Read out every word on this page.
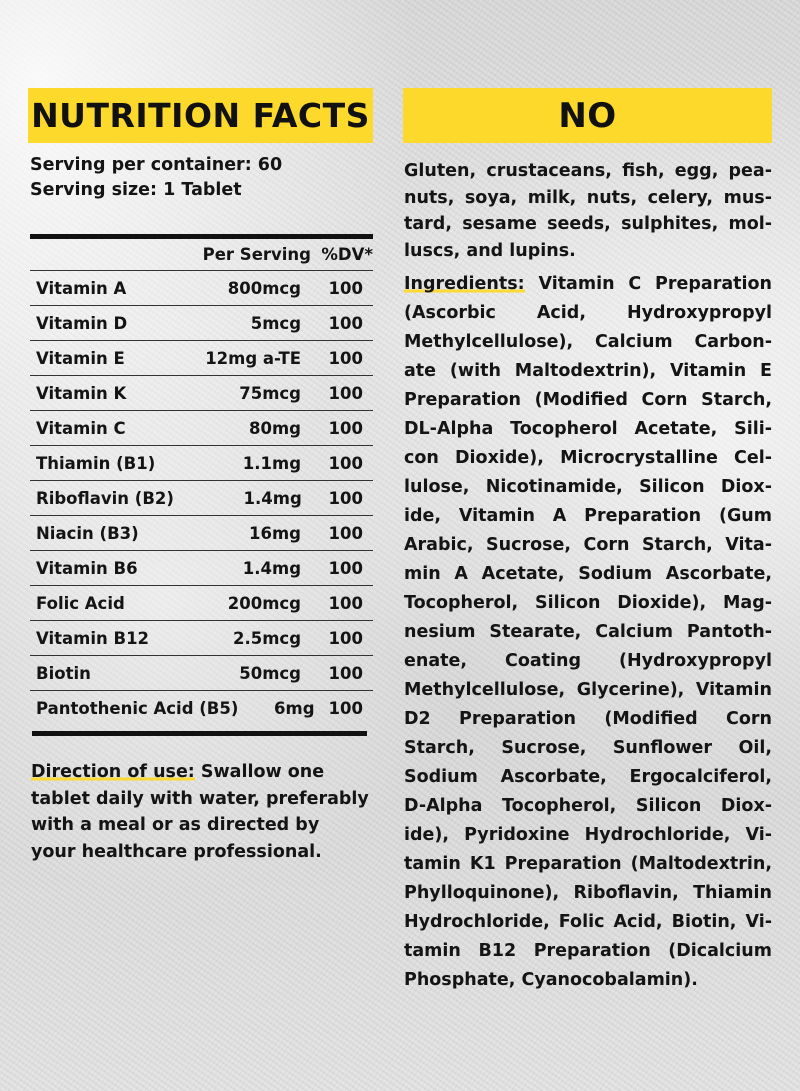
NUTRITION FACTS	NO
Serving per container: 60
Serving size: 1 Tablet
Per Serving %DV*
Vitamin A	800mcg	100
Vitamin D	5mcg	100
Vitamin E	12mg a-TE	100
Vitamin K	75mcg	100
Vitamin C	80mg	100
Thiamin (B1)	1.1mg	100
Riboflavin (B2)	1.4mg	100
Niacin (B3)	16mg	100
Vitamin B6	1.4mg	100
Folic Acid	200mcg	100
Vitamin B12	2.5mcg	100
Biotin	50mcg	100
Pantothenic Acid (B5)	6mg 100
Direction of use: Swallow one
tablet daily with water, preferably
with a meal or as directed by
your healthcare professional.
Gluten, crustaceans, fish, egg, pea-
nuts, soya, milk, nuts, celery, mus-
tard, sesame seeds, sulphites, mol-
luscs, and lupins.
Ingredients: Vitamin C Preparation
(Ascorbic Acid, Hydroxypropyl
Methylcellulose), Calcium Carbon-
ate (with Maltodextrin), Vitamin E
Preparation (Modified Corn Starch,
DL-Alpha Tocopherol Acetate, Sili-
con Dioxide), Microcrystalline Cel-
lulose, Nicotinamide, Silicon Diox-
ide, Vitamin A Preparation (Gum
Arabic, Sucrose, Corn Starch, Vita-
min A Acetate, Sodium Ascorbate,
Tocopherol, Silicon Dioxide), Mag-
nesium Stearate, Calcium Pantoth-
enate, Coating (Hydroxypropyl
Methylcellulose, Glycerine), Vitamin
D2 Preparation (Modified Corn
Starch, Sucrose, Sunflower Oil,
Sodium Ascorbate, Ergocalciferol,
D-Alpha Tocopherol, Silicon Diox-
ide), Pyridoxine Hydrochloride, Vi-
tamin K1 Preparation (Maltodextrin,
Phylloquinone), Riboflavin, Thiamin
Hydrochloride, Folic Acid, Biotin, Vi-
tamin B12 Preparation (Dicalcium
Phosphate, Cyanocobalamin).
